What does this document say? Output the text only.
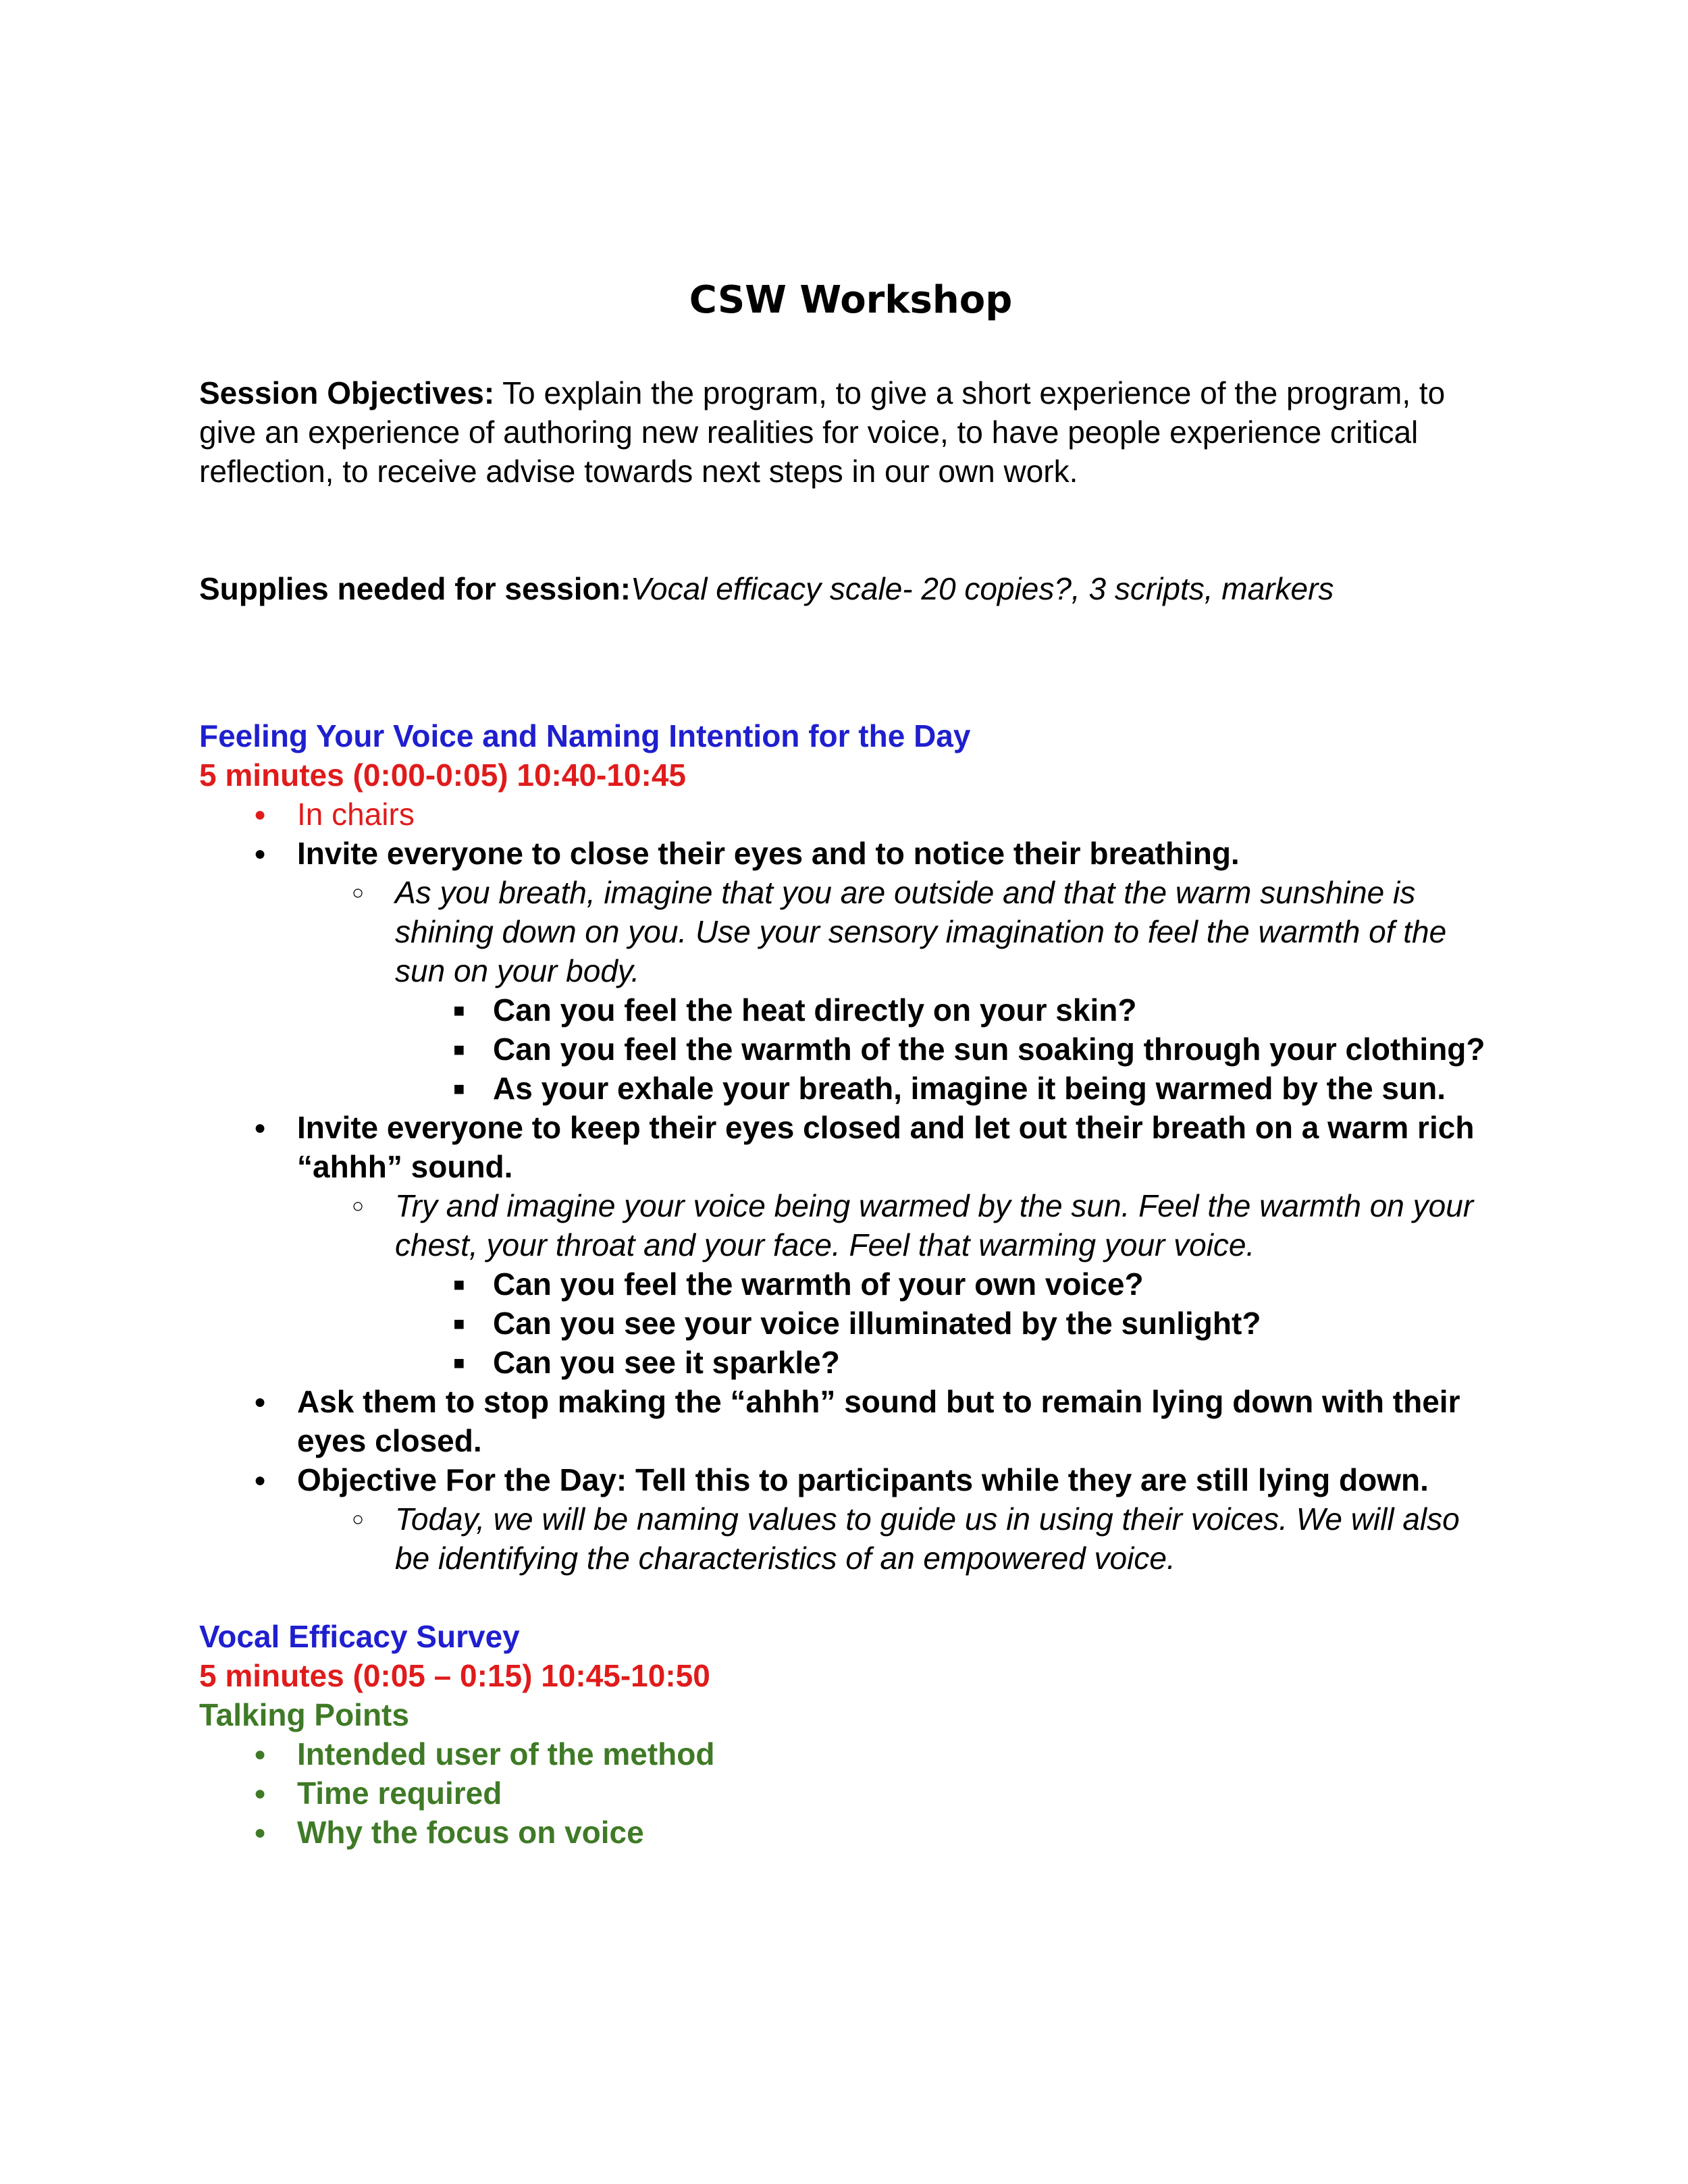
CSW Workshop
Session Objectives: To explain the program, to give a short experience of the program, to give an experience of authoring new realities for voice, to have people experience critical reflection, to receive advise towards next steps in our own work.
Supplies needed for session:Vocal efficacy scale- 20 copies?, 3 scripts, markers
Feeling Your Voice and Naming Intention for the Day
5 minutes (0:00-0:05) 10:40-10:45
●
In chairs
●
Invite everyone to close their eyes and to notice their breathing.
○
As you breath, imagine that you are outside and that the warm sunshine is shining down on you. Use your sensory imagination to feel the warmth of the sun on your body.
■
Can you feel the heat directly on your skin?
■
Can you feel the warmth of the sun soaking through your clothing?
■
As your exhale your breath, imagine it being warmed by the sun.
●
Invite everyone to keep their eyes closed and let out their breath on a warm rich “ahhh” sound.
○
Try and imagine your voice being warmed by the sun. Feel the warmth on your chest, your throat and your face. Feel that warming your voice.
■
Can you feel the warmth of your own voice?
■
Can you see your voice illuminated by the sunlight?
■
Can you see it sparkle?
●
Ask them to stop making the “ahhh” sound but to remain lying down with their eyes closed.
●
Objective For the Day: Tell this to participants while they are still lying down.
○
Today, we will be naming values to guide us in using their voices. We will also be identifying the characteristics of an empowered voice.
Vocal Efficacy Survey
5 minutes (0:05 – 0:15) 10:45-10:50
Talking Points
●
Intended user of the method
●
Time required
●
Why the focus on voice
